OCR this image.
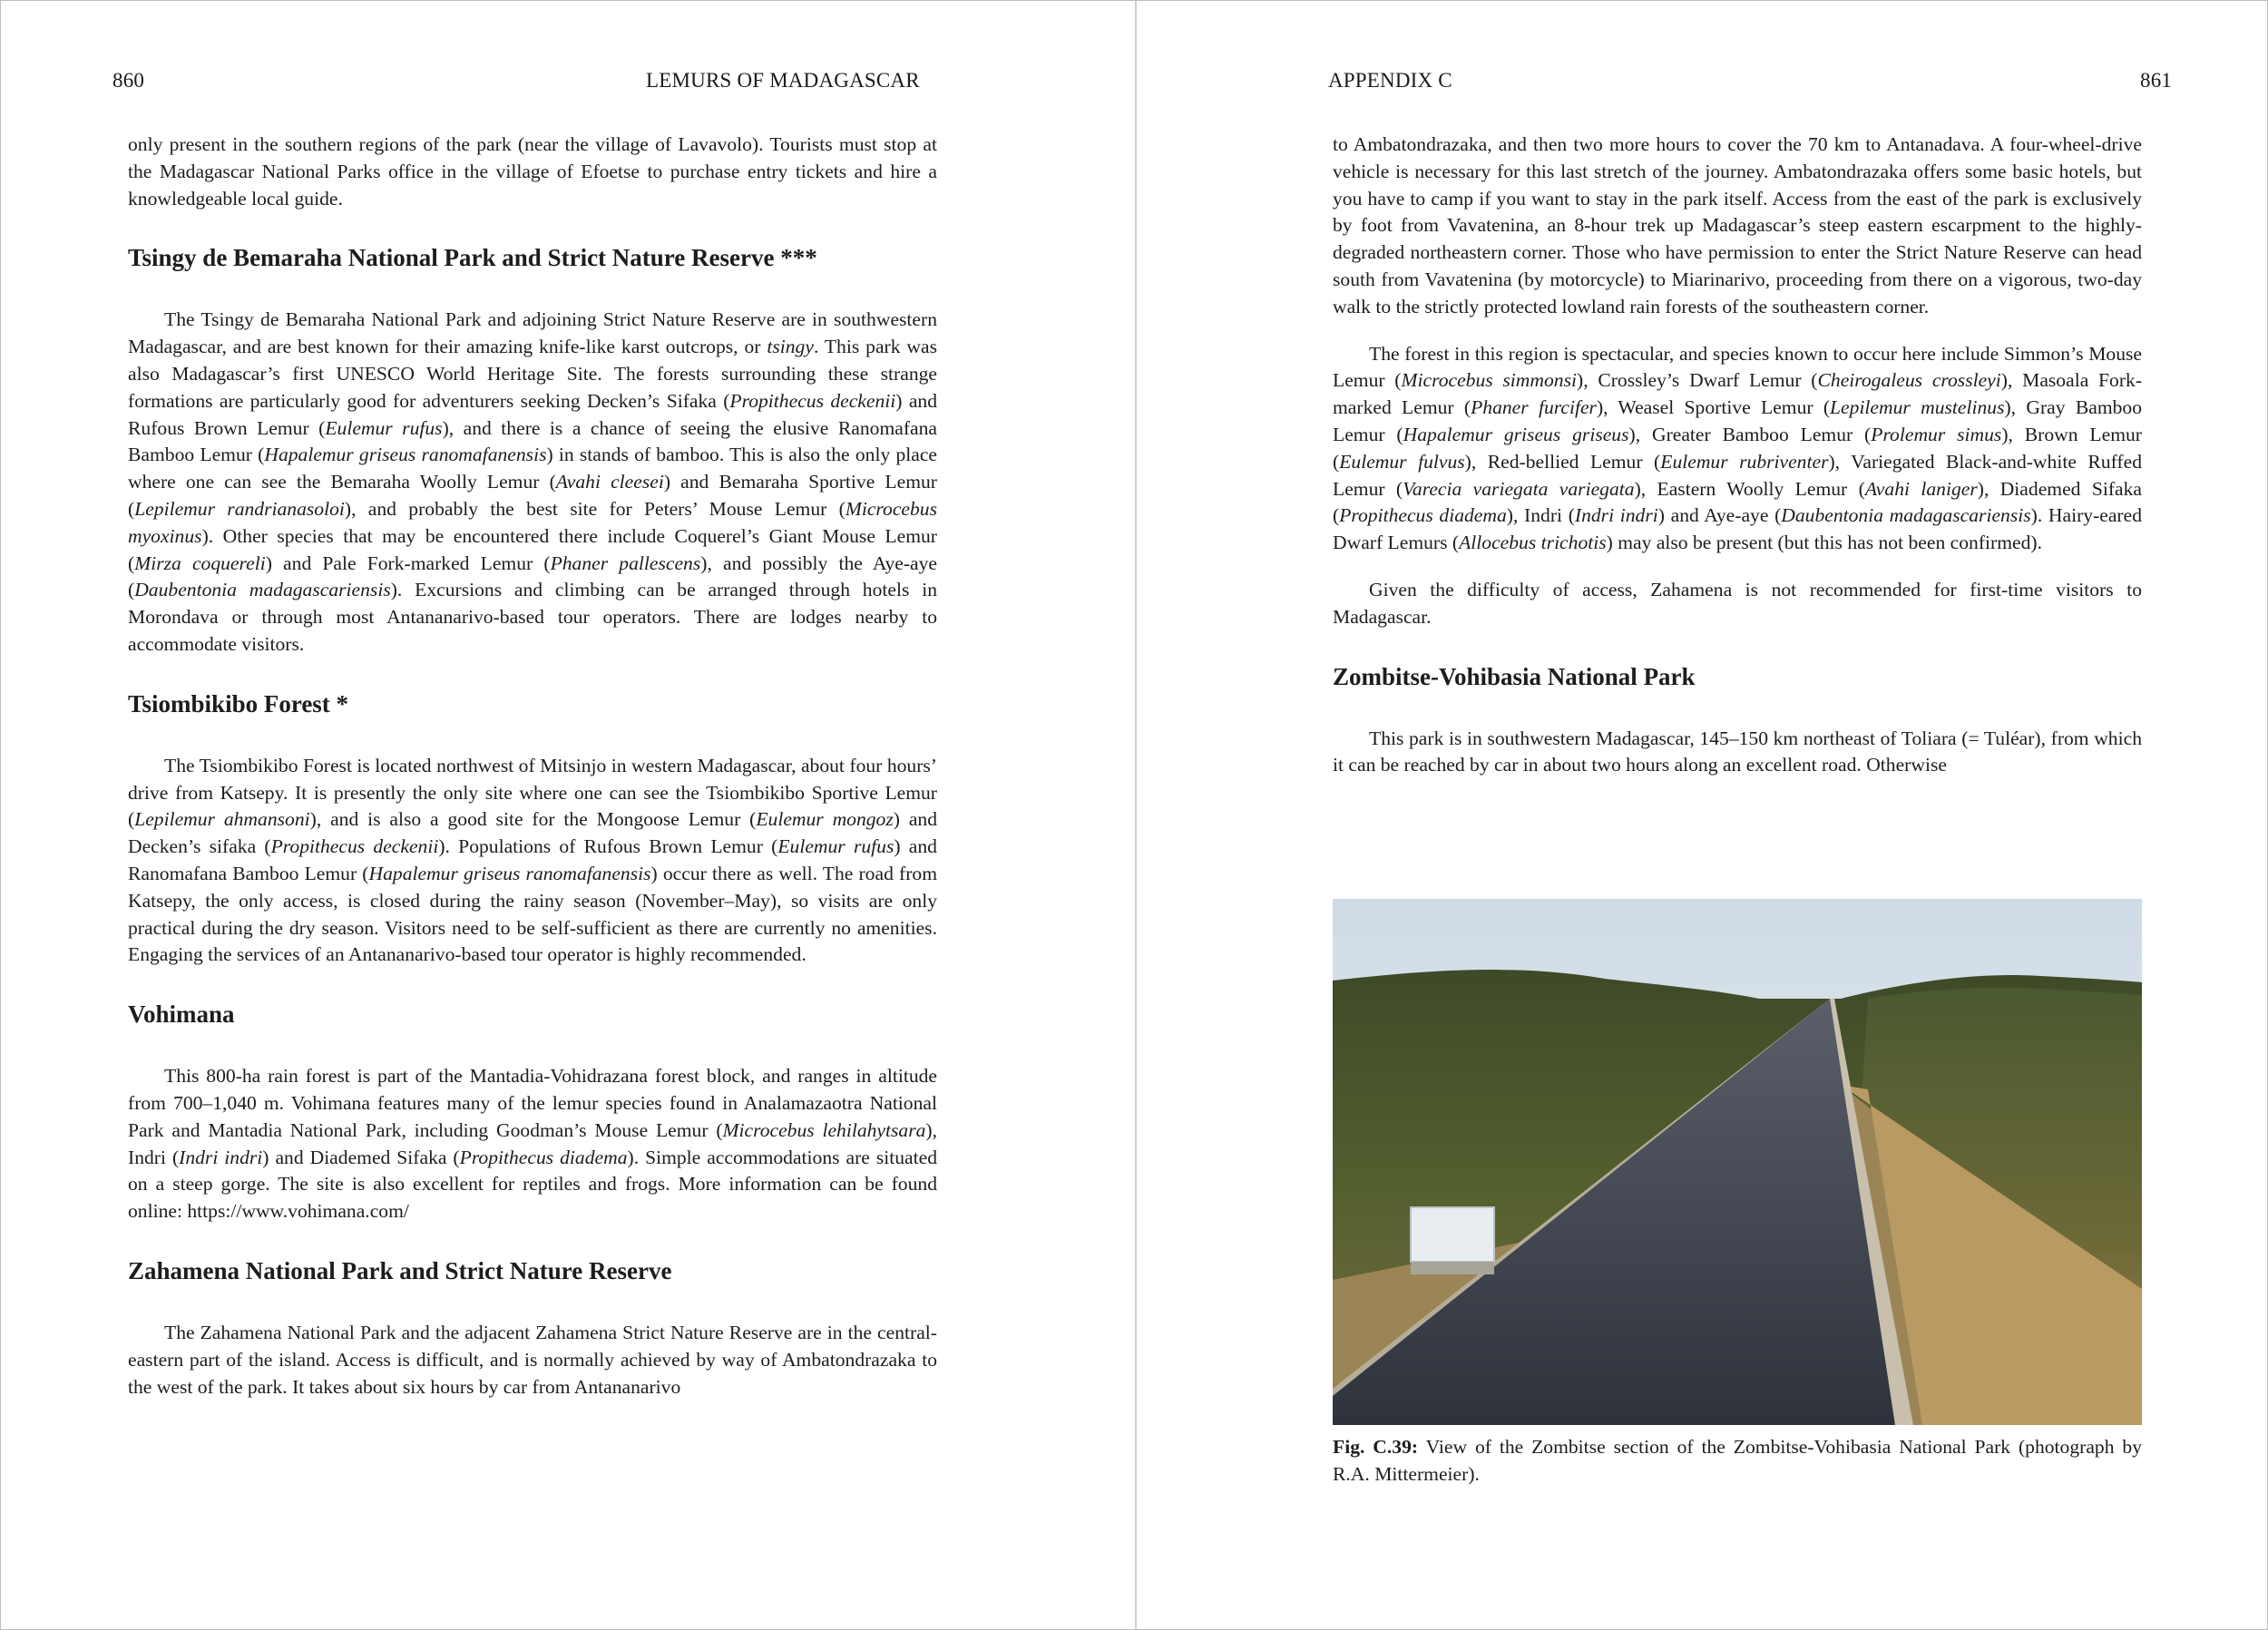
860	LEMURS OF MADAGASCAR	APPENDIX C	861

only present in the southern regions of the park (near the village of Lavavolo). Tourists must stop at the Madagascar National Parks office in the village of Efoetse to purchase entry tickets and hire a knowledgeable local guide.

Tsingy de Bemaraha National Park and Strict Nature Reserve ***

The Tsingy de Bemaraha National Park and adjoining Strict Nature Reserve are in southwestern Madagascar, and are best known for their amazing knife-like karst outcrops, or tsingy. This park was also Madagascar’s first UNESCO World Heritage Site. The forests surrounding these strange formations are particularly good for adventurers seeking Decken’s Sifaka (Propithecus deckenii) and Rufous Brown Lemur (Eulemur rufus), and there is a chance of seeing the elusive Ranomafana Bamboo Lemur (Hapalemur griseus ranomafanensis) in stands of bamboo. This is also the only place where one can see the Bemaraha Woolly Lemur (Avahi cleesei) and Bemaraha Sportive Lemur (Lepilemur randrianasoloi), and probably the best site for Peters’ Mouse Lemur (Microcebus myoxinus). Other species that may be encountered there include Coquerel’s Giant Mouse Lemur (Mirza coquereli) and Pale Fork-marked Lemur (Phaner pallescens), and possibly the Aye-aye (Daubentonia madagascariensis). Excursions and climbing can be arranged through hotels in Morondava or through most Antananarivo-based tour operators. There are lodges nearby to accommodate visitors.

Tsiombikibo Forest *

The Tsiombikibo Forest is located northwest of Mitsinjo in western Madagascar, about four hours’ drive from Katsepy. It is presently the only site where one can see the Tsiombikibo Sportive Lemur (Lepilemur ahmansoni), and is also a good site for the Mongoose Lemur (Eulemur mongoz) and Decken’s sifaka (Propithecus deckenii). Populations of Rufous Brown Lemur (Eulemur rufus) and Ranomafana Bamboo Lemur (Hapalemur griseus ranomafanensis) occur there as well. The road from Katsepy, the only access, is closed during the rainy season (November–May), so visits are only practical during the dry season. Visitors need to be self-sufficient as there are currently no amenities. Engaging the services of an Antananarivo-based tour operator is highly recommended.

Vohimana

This 800-ha rain forest is part of the Mantadia-Vohidrazana forest block, and ranges in altitude from 700–1,040 m. Vohimana features many of the lemur species found in Analamazaotra National Park and Mantadia National Park, including Goodman’s Mouse Lemur (Microcebus lehilahytsara), Indri (Indri indri) and Diademed Sifaka (Propithecus diadema). Simple accommodations are situated on a steep gorge. The site is also excellent for reptiles and frogs. More information can be found online: https://www.vohimana.com/

Zahamena National Park and Strict Nature Reserve

The Zahamena National Park and the adjacent Zahamena Strict Nature Reserve are in the central-eastern part of the island. Access is difficult, and is normally achieved by way of Ambatondrazaka to the west of the park. It takes about six hours by car from Antananarivo

to Ambatondrazaka, and then two more hours to cover the 70 km to Antanadava. A four-wheel-drive vehicle is necessary for this last stretch of the journey. Ambatondrazaka offers some basic hotels, but you have to camp if you want to stay in the park itself. Access from the east of the park is exclusively by foot from Vavatenina, an 8-hour trek up Madagascar’s steep eastern escarpment to the highly-degraded northeastern corner. Those who have permission to enter the Strict Nature Reserve can head south from Vavatenina (by motorcycle) to Miarinarivo, proceeding from there on a vigorous, two-day walk to the strictly protected lowland rain forests of the southeastern corner.

The forest in this region is spectacular, and species known to occur here include Simmon’s Mouse Lemur (Microcebus simmonsi), Crossley’s Dwarf Lemur (Cheirogaleus crossleyi), Masoala Fork-marked Lemur (Phaner furcifer), Weasel Sportive Lemur (Lepilemur mustelinus), Gray Bamboo Lemur (Hapalemur griseus griseus), Greater Bamboo Lemur (Prolemur simus), Brown Lemur (Eulemur fulvus), Red-bellied Lemur (Eulemur rubriventer), Variegated Black-and-white Ruffed Lemur (Varecia variegata variegata), Eastern Woolly Lemur (Avahi laniger), Diademed Sifaka (Propithecus diadema), Indri (Indri indri) and Aye-aye (Daubentonia madagascariensis). Hairy-eared Dwarf Lemurs (Allocebus trichotis) may also be present (but this has not been confirmed).

Given the difficulty of access, Zahamena is not recommended for first-time visitors to Madagascar.

Zombitse-Vohibasia National Park

This park is in southwestern Madagascar, 145–150 km northeast of Toliara (= Tuléar), from which it can be reached by car in about two hours along an excellent road. Otherwise

Fig. C.39: View of the Zombitse section of the Zombitse-Vohibasia National Park (photograph by R.A. Mittermeier).
